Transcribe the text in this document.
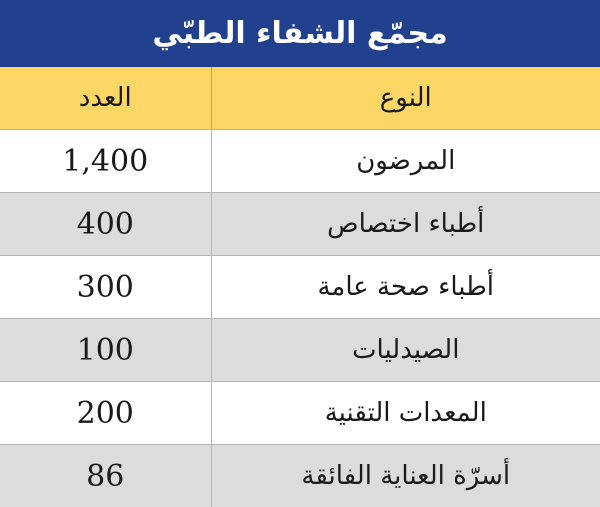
مجمّع الشفاء الطبّي
النوع	العدد
المرضون	1,400
أطباء اختصاص	400
أطباء صحة عامة	300
الصيدليات	100
المعدات التقنية	200
أسرّة العناية الفائقة	86
